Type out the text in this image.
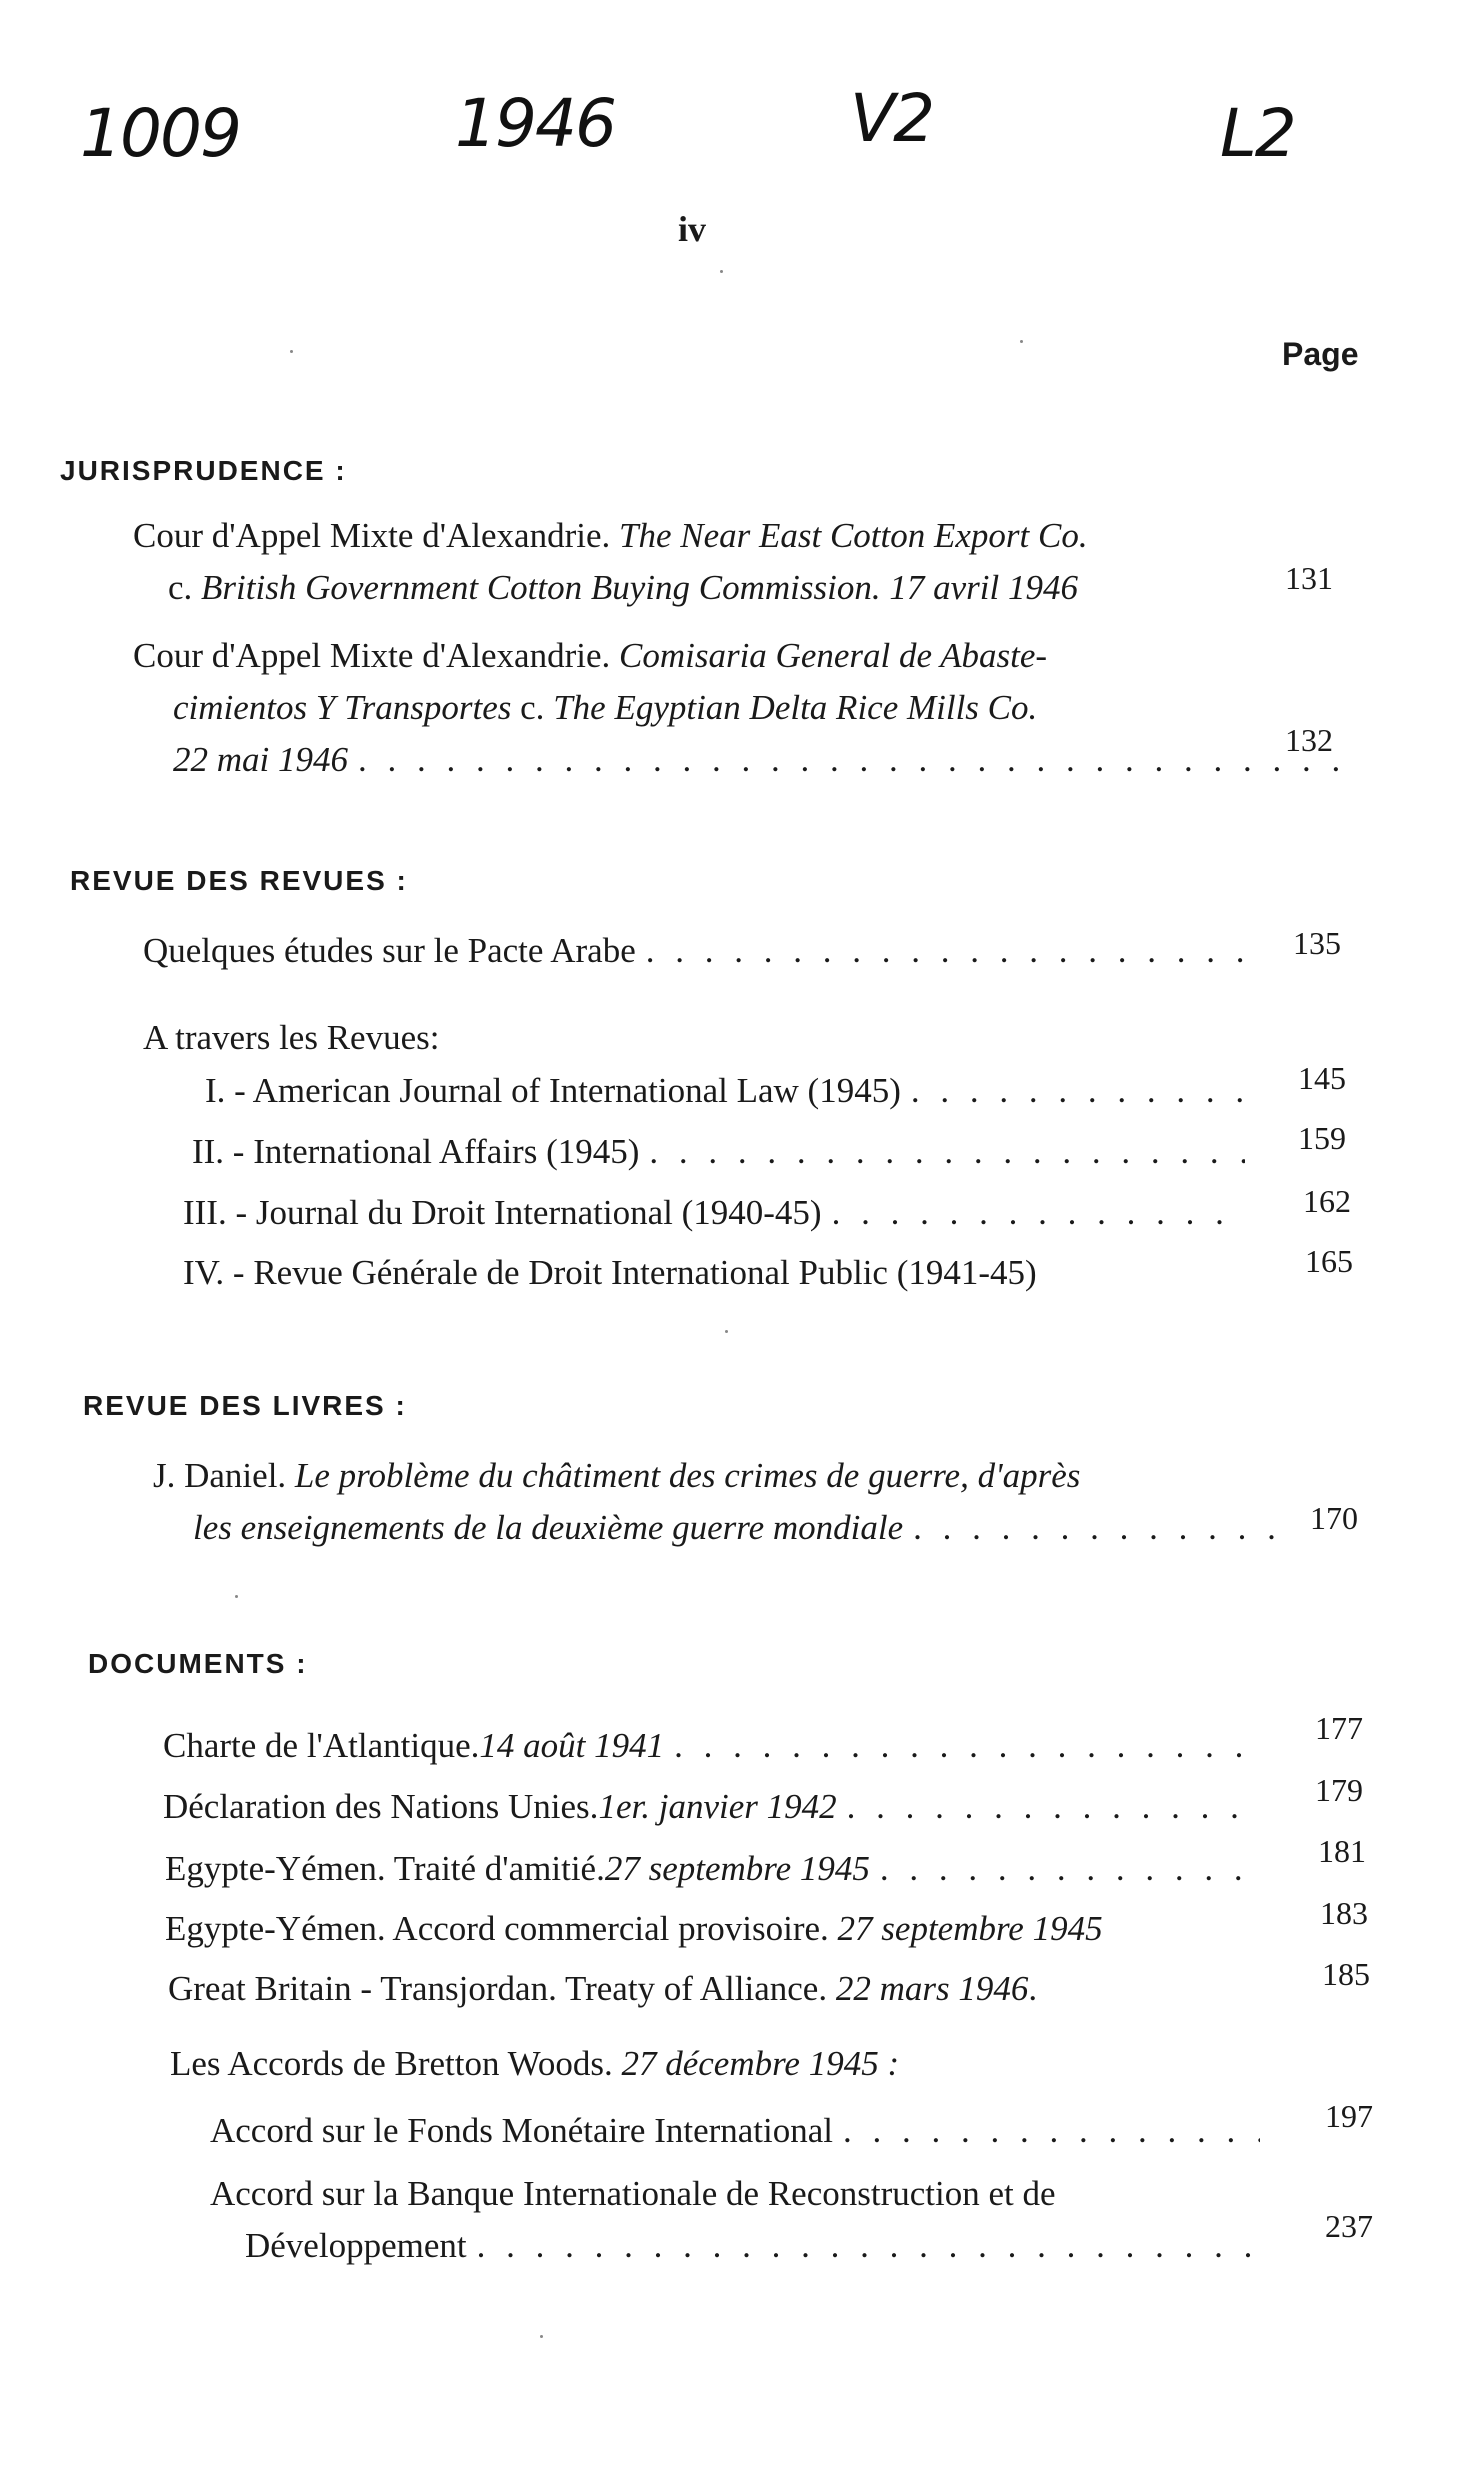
1009	1946	V2	L2
iv
Page
JURISPRUDENCE :
Cour d'Appel Mixte d'Alexandrie. The Near East Cotton Export Co.
c. British Government Cotton Buying Commission. 17 avril 1946	131
Cour d'Appel Mixte d'Alexandrie. Comisaria General de Abaste-
cimientos Y Transportes c. The Egyptian Delta Rice Mills Co.
22 mai 1946 . . .	132
REVUE DES REVUES :
Quelques études sur le Pacte Arabe . . .	135
A travers les Revues:
I. - American Journal of International Law (1945) . . .	145
II. - International Affairs (1945) . . .	159
III. - Journal du Droit International (1940-45) . . .	162
IV. - Revue Générale de Droit International Public (1941-45)	165
REVUE DES LIVRES :
J. Daniel. Le problème du châtiment des crimes de guerre, d'après
les enseignements de la deuxième guerre mondiale . . .	170
DOCUMENTS :
Charte de l'Atlantique. 14 août 1941 . . .	177
Déclaration des Nations Unies. 1er. janvier 1942 . . .	179
Egypte-Yémen. Traité d'amitié. 27 septembre 1945 . . .	181
Egypte-Yémen. Accord commercial provisoire. 27 septembre 1945	183
Great Britain - Transjordan. Treaty of Alliance. 22 mars 1946.	185
Les Accords de Bretton Woods. 27 décembre 1945 :
Accord sur le Fonds Monétaire International . . .	197
Accord sur la Banque Internationale de Reconstruction et de
Développement . . .	237
